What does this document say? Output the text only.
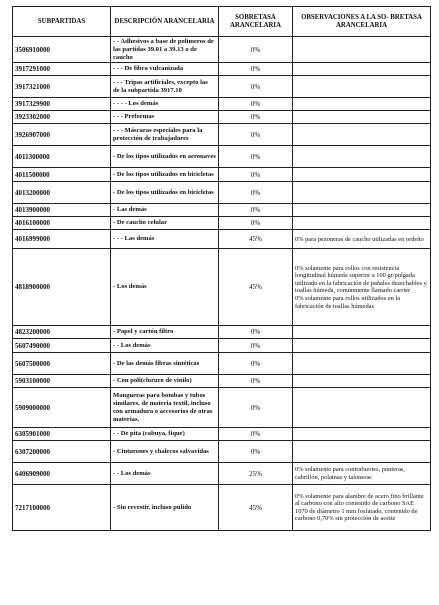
SUBPARTIDAS	DESCRIPCIÓN ARANCELARIA	SOBRETASA ARANCELARIA	OBSERVACIONES A LA SO- BRETASA ARANCELARIA
3506910000	- - Adhesivos a base de polímeros de las partidas 39.01 a 39.13 o de caucho	0%	
3917291000	- - - De fibra vulcanizada	0%	
3917321000	- - - Tripas artificiales, excepto las de la subpartida 3917.10	0%	
3917329900	- - - - Los demás	0%	
3923302000	- - - Preformas	0%	
3926907000	- - - Máscaras especiales para la protección de trabajadores	0%	
4011300000	- De los tipos utilizados en aeronaves	0%	
4011500000	- De los tipos utilizados en bicicletas	0%	
4013200000	- De los tipos utilizados en bicicletas	0%	
4013900000	- Las demás	0%	
4016100000	- De caucho celular	0%	
4016999000	- - - Las demás	45%	0% para pezoneras de caucho utilizadas en ordeño
4818900000	- Los demás	45%	0% solamente para rollos con resistencia longitudinal húmeda superior a 100 gr/pulgada utilizado en la fabricación de pañales desechables y toallas húmeda, comúnmente llamado carrier
0% solamente para rollos utilizados en la fabricación de toallas húmedas
4823200000	- Papel y cartón filtro	0%	
5607490000	- - Los demás	0%	
5607500000	- De las demás fibras sintéticas	0%	
5903100000	- Con poli(cloruro de vinilo)	0%	
5909000000	Mangueras para bombas y tubos similares, de materia textil, incluso con armadura o accesorios de otras materias.	0%	
6305901000	- - De pita (cabuya, fique)	0%	
6307200000	- Cinturones y chalecos salvavidas	0%	
6406909000	- - Los demás	25%	0% solamente para contrafuertes, punteras, cabrillón, polainas y taloneras
7217100000	- Sin revestir, incluso pulido	45%	0% solamente para alambre de acero fino brillante al carbono con alto contenido de carbono SAE 1070 de diámetro 1 mm fosfatado, contenido de carbono 0,70% sin protección de aceite
